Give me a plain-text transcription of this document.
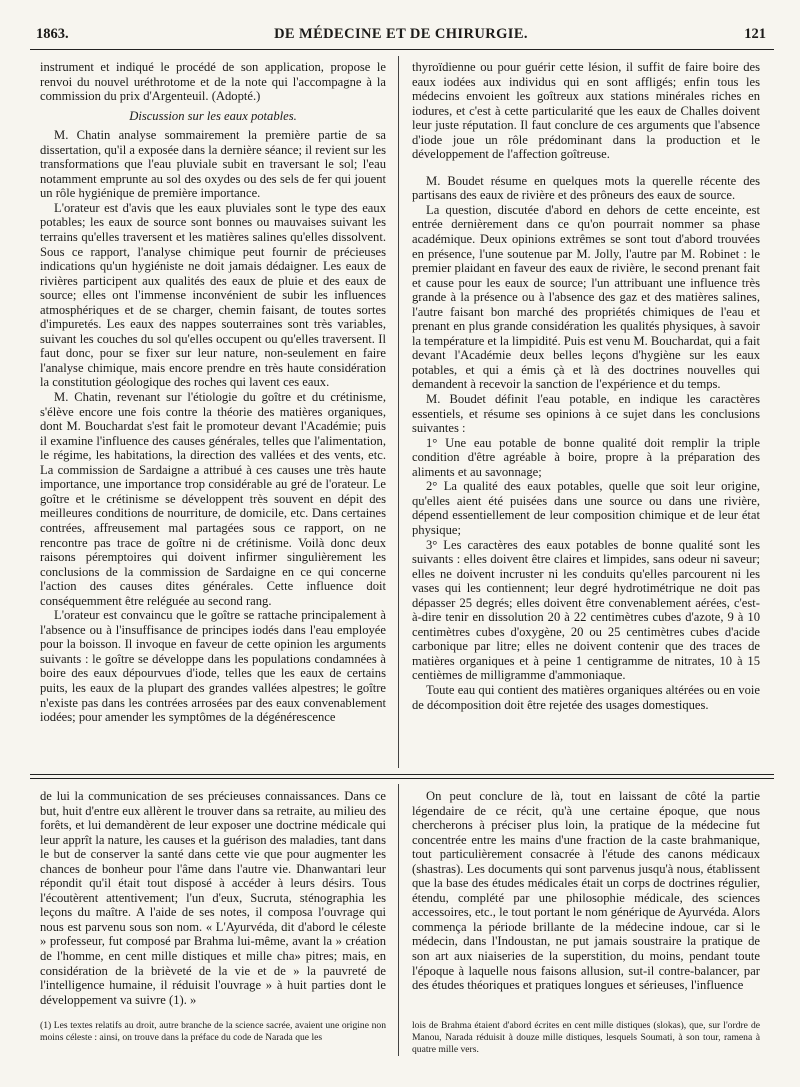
1863.	DE MÉDECINE ET DE CHIRURGIE.	121

instrument et indiqué le procédé de son application, propose le renvoi du nouvel uréthrotome et de la note qui l'accompagne à la commission du prix d'Argenteuil. (Adopté.)

Discussion sur les eaux potables.

M. Chatin analyse sommairement la première partie de sa dissertation, qu'il a exposée dans la dernière séance; il revient sur les transformations que l'eau pluviale subit en traversant le sol; l'eau notamment emprunte au sol des oxydes ou des sels de fer qui jouent un rôle hygiénique de première importance.

L'orateur est d'avis que les eaux pluviales sont le type des eaux potables; les eaux de source sont bonnes ou mauvaises suivant les terrains qu'elles traversent et les matières salines qu'elles dissolvent. Sous ce rapport, l'analyse chimique peut fournir de précieuses indications qu'un hygiéniste ne doit jamais dédaigner. Les eaux de rivières participent aux qualités des eaux de pluie et des eaux de source; elles ont l'immense inconvénient de subir les influences atmosphériques et de se charger, chemin faisant, de toutes sortes d'impuretés. Les eaux des nappes souterraines sont très variables, suivant les couches du sol qu'elles occupent ou qu'elles traversent. Il faut donc, pour se fixer sur leur nature, non-seulement en faire l'analyse chimique, mais encore prendre en très haute considération la constitution géologique des roches qui lavent ces eaux.

M. Chatin, revenant sur l'étiologie du goître et du crétinisme, s'élève encore une fois contre la théorie des matières organiques, dont M. Bouchardat s'est fait le promoteur devant l'Académie; puis il examine l'influence des causes générales, telles que l'alimentation, le régime, les habitations, la direction des vallées et des vents, etc. La commission de Sardaigne a attribué à ces causes une très haute importance, une importance trop considérable au gré de l'orateur. Le goître et le crétinisme se développent très souvent en dépit des meilleures conditions de nourriture, de domicile, etc. Dans certaines contrées, affreusement mal partagées sous ce rapport, on ne rencontre pas trace de goître ni de crétinisme. Voilà donc deux raisons péremptoires qui doivent infirmer singulièrement les conclusions de la commission de Sardaigne en ce qui concerne l'action des causes dites générales. Cette influence doit conséquemment être reléguée au second rang.

L'orateur est convaincu que le goître se rattache principalement à l'absence ou à l'insuffisance de principes iodés dans l'eau employée pour la boisson. Il invoque en faveur de cette opinion les arguments suivants : le goître se développe dans les populations condamnées à boire des eaux dépourvues d'iode, telles que les eaux de certains puits, les eaux de la plupart des grandes vallées alpestres; le goître n'existe pas dans les contrées arrosées par des eaux convenablement iodées; pour amender les symptômes de la dégénérescence

thyroïdienne ou pour guérir cette lésion, il suffit de faire boire des eaux iodées aux individus qui en sont affligés; enfin tous les médecins envoient les goîtreux aux stations minérales riches en iodures, et c'est à cette particularité que les eaux de Challes doivent leur juste réputation. Il faut conclure de ces arguments que l'absence d'iode joue un rôle prédominant dans la production et le développement de l'affection goîtreuse.

M. Boudet résume en quelques mots la querelle récente des partisans des eaux de rivière et des prôneurs des eaux de source.

La question, discutée d'abord en dehors de cette enceinte, est entrée dernièrement dans ce qu'on pourrait nommer sa phase académique. Deux opinions extrêmes se sont tout d'abord trouvées en présence, l'une soutenue par M. Jolly, l'autre par M. Robinet : le premier plaidant en faveur des eaux de rivière, le second prenant fait et cause pour les eaux de source; l'un attribuant une influence très grande à la présence ou à l'absence des gaz et des matières salines, l'autre faisant bon marché des propriétés chimiques de l'eau et prenant en plus grande considération les qualités physiques, à savoir la température et la limpidité. Puis est venu M. Bouchardat, qui a fait devant l'Académie deux belles leçons d'hygiène sur les eaux potables, et qui a émis çà et là des doctrines nouvelles qui demandent à recevoir la sanction de l'expérience et du temps.

M. Boudet définit l'eau potable, en indique les caractères essentiels, et résume ses opinions à ce sujet dans les conclusions suivantes :

1° Une eau potable de bonne qualité doit remplir la triple condition d'être agréable à boire, propre à la préparation des aliments et au savonnage;

2° La qualité des eaux potables, quelle que soit leur origine, qu'elles aient été puisées dans une source ou dans une rivière, dépend essentiellement de leur composition chimique et de leur état physique;

3° Les caractères des eaux potables de bonne qualité sont les suivants : elles doivent être claires et limpides, sans odeur ni saveur; elles ne doivent incruster ni les conduits qu'elles parcourent ni les vases qui les contiennent; leur degré hydrotimétrique ne doit pas dépasser 25 degrés; elles doivent être convenablement aérées, c'est-à-dire tenir en dissolution 20 à 22 centimètres cubes d'azote, 9 à 10 centimètres cubes d'oxygène, 20 ou 25 centimètres cubes d'acide carbonique par litre; elles ne doivent contenir que des traces de matières organiques et à peine 1 centigramme de nitrates, 10 à 15 centièmes de milligramme d'ammoniaque.

Toute eau qui contient des matières organiques altérées ou en voie de décomposition doit être rejetée des usages domestiques.

de lui la communication de ses précieuses connaissances. Dans ce but, huit d'entre eux allèrent le trouver dans sa retraite, au milieu des forêts, et lui demandèrent de leur exposer une doctrine médicale qui leur apprît la nature, les causes et la guérison des maladies, tant dans le but de conserver la santé dans cette vie que pour augmenter les chances de bonheur pour l'âme dans l'autre vie. Dhanwantari leur répondit qu'il était tout disposé à accéder à leurs désirs. Tous l'écoutèrent attentivement; l'un d'eux, Sucruta, sténographia les leçons du maître. A l'aide de ses notes, il composa l'ouvrage qui nous est parvenu sous son nom. « L'Ayurvéda, dit d'abord le céleste » professeur, fut composé par Brahma lui-même, avant la » création de l'homme, en cent mille distiques et mille cha» pitres; mais, en considération de la brièveté de la vie et de » la pauvreté de l'intelligence humaine, il réduisit l'ouvrage » à huit parties dont le développement va suivre (1). »

On peut conclure de là, tout en laissant de côté la partie légendaire de ce récit, qu'à une certaine époque, que nous chercherons à préciser plus loin, la pratique de la médecine fut concentrée entre les mains d'une fraction de la caste brahmanique, tout particulièrement consacrée à l'étude des canons médicaux (shastras). Les documents qui sont parvenus jusqu'à nous, établissent que la base des études médicales était un corps de doctrines régulier, étendu, complété par une philosophie médicale, des sciences accessoires, etc., le tout portant le nom générique de Ayurvéda. Alors commença la période brillante de la médecine indoue, car si le médecin, dans l'Indoustan, ne put jamais soustraire la pratique de son art aux niaiseries de la superstition, du moins, pendant toute l'époque à laquelle nous faisons allusion, sut-il contre-balancer, par des études théoriques et pratiques longues et sérieuses, l'influence

(1) Les textes relatifs au droit, autre branche de la science sacrée, avaient une origine non moins céleste : ainsi, on trouve dans la préface du code de Narada que les
lois de Brahma étaient d'abord écrites en cent mille distiques (slokas), que, sur l'ordre de Manou, Narada réduisit à douze mille distiques, lesquels Soumati, à son tour, ramena à quatre mille vers.
